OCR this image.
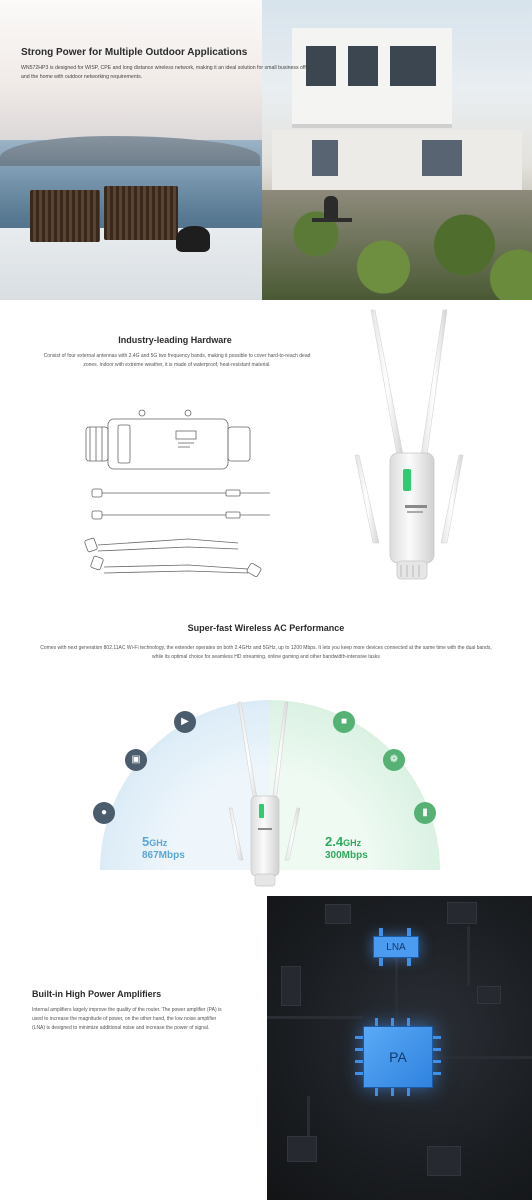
Strong Power for Multiple Outdoor Applications

WN572HP3 is designed for WISP, CPE and long distance wireless network, making it an ideal solution for small business offices and the home with outdoor networking requirements.

Industry-leading Hardware

Consist of four external antennas with 2.4G and 5G two frequency bands, making it possible to cover hard-to-reach dead zones. Indoor with extreme weather, it is made of waterproof, heat-resistant material.

Super-fast Wireless AC Performance

Comes with next generation 802.11AC Wi-Fi technology, the extender operates on both 2.4GHz and 5GHz, up to 1200 Mbps. It lets you keep more devices connected at the same time with the dual bands, while its optimal choice for seamless HD streaming, online gaming and other bandwidth-intensive tasks

▶
▣
●
■
❁
▮
5GHz
867Mbps
2.4GHz
300Mbps
Built-in High Power Amplifiers

Internal amplifiers largely improve the quality of the router. The power amplifier (PA) is used to increase the magnitude of power, on the other hand, the low noise amplifier (LNA) is designed to minimize additional noise and increase the power of signal.

LNA
PA
